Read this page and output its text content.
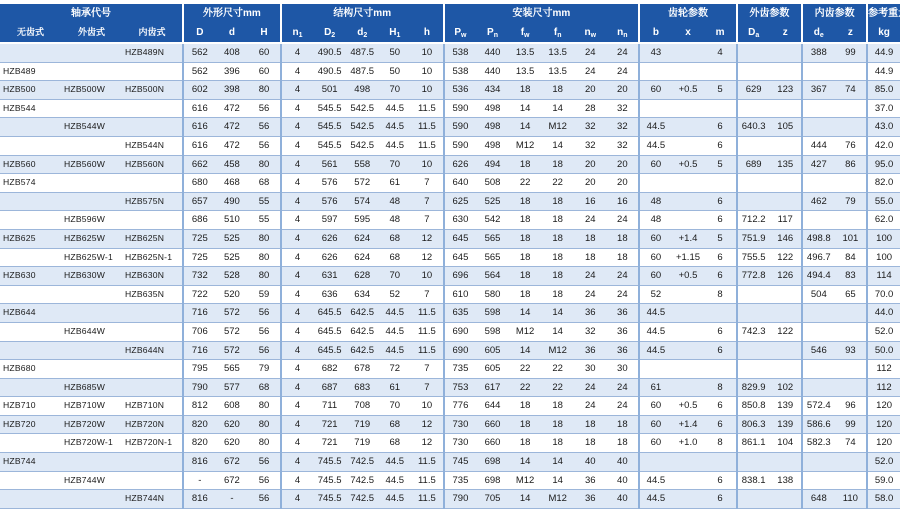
轴承代号			外形尺寸mm			结构尺寸mm					安装尺寸mm						齿轮参数			外齿参数		内齿参数		参考重量
无齿式	外齿式	内齿式	D	d	H	$n_1$	$D_2$	$d_2$	$H_1$	h	$P_w$	$P_n$	$f_w$	$f_n$	$n_w$	$n_n$	b	x	m	$D_a$	z	$d_e$	z	kg
		HZB489N	562	408	60	4	490.5	487.5	50	10	538	440	13.5	13.5	24	24	43		4			388	99	44.9
HZB489			562	396	60	4	490.5	487.5	50	10	538	440	13.5	13.5	24	24								44.9
HZB500	HZB500W	HZB500N	602	398	80	4	501	498	70	10	536	434	18	18	20	20	60	+0.5	5	629	123	367	74	85.0
HZB544			616	472	56	4	545.5	542.5	44.5	11.5	590	498	14	14	28	32								37.0
	HZB544W		616	472	56	4	545.5	542.5	44.5	11.5	590	498	14	M12	32	32	44.5		6	640.3	105			43.0
		HZB544N	616	472	56	4	545.5	542.5	44.5	11.5	590	498	M12	14	32	32	44.5		6			444	76	42.0
HZB560	HZB560W	HZB560N	662	458	80	4	561	558	70	10	626	494	18	18	20	20	60	+0.5	5	689	135	427	86	95.0
HZB574			680	468	68	4	576	572	61	7	640	508	22	22	20	20								82.0
		HZB575N	657	490	55	4	576	574	48	7	625	525	18	18	16	16	48		6			462	79	55.0
	HZB596W		686	510	55	4	597	595	48	7	630	542	18	18	24	24	48		6	712.2	117			62.0
HZB625	HZB625W	HZB625N	725	525	80	4	626	624	68	12	645	565	18	18	18	18	60	+1.4	5	751.9	146	498.8	101	100
	HZB625W-1	HZB625N-1	725	525	80	4	626	624	68	12	645	565	18	18	18	18	60	+1.15	6	755.5	122	496.7	84	100
HZB630	HZB630W	HZB630N	732	528	80	4	631	628	70	10	696	564	18	18	24	24	60	+0.5	6	772.8	126	494.4	83	114
		HZB635N	722	520	59	4	636	634	52	7	610	580	18	18	24	24	52		8			504	65	70.0
HZB644			716	572	56	4	645.5	642.5	44.5	11.5	635	598	14	14	36	36	44.5							44.0
	HZB644W		706	572	56	4	645.5	642.5	44.5	11.5	690	598	M12	14	32	36	44.5		6	742.3	122			52.0
		HZB644N	716	572	56	4	645.5	642.5	44.5	11.5	690	605	14	M12	36	36	44.5		6			546	93	50.0
HZB680			795	565	79	4	682	678	72	7	735	605	22	22	30	30								112
	HZB685W		790	577	68	4	687	683	61	7	753	617	22	22	24	24	61		8	829.9	102			112
HZB710	HZB710W	HZB710N	812	608	80	4	711	708	70	10	776	644	18	18	24	24	60	+0.5	6	850.8	139	572.4	96	120
HZB720	HZB720W	HZB720N	820	620	80	4	721	719	68	12	730	660	18	18	18	18	60	+1.4	6	806.3	139	586.6	99	120
	HZB720W-1	HZB720N-1	820	620	80	4	721	719	68	12	730	660	18	18	18	18	60	+1.0	8	861.1	104	582.3	74	120
HZB744			816	672	56	4	745.5	742.5	44.5	11.5	745	698	14	14	40	40								52.0
	HZB744W		-	672	56	4	745.5	742.5	44.5	11.5	735	698	M12	14	36	40	44.5		6	838.1	138			59.0
		HZB744N	816	-	56	4	745.5	742.5	44.5	11.5	790	705	14	M12	36	40	44.5		6			648	110	58.0
